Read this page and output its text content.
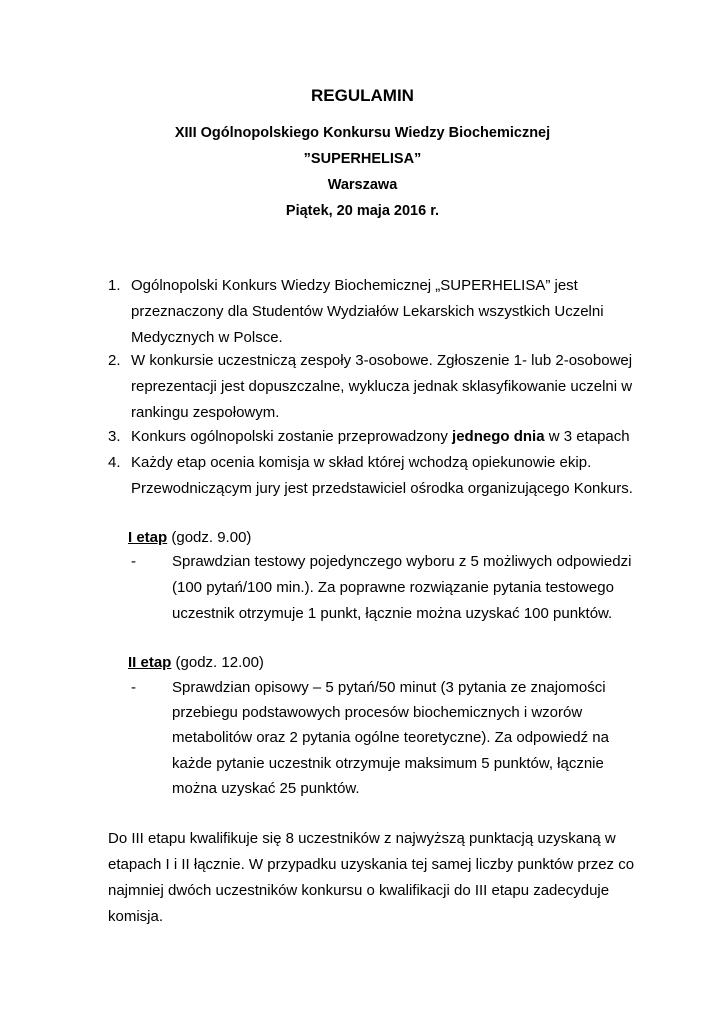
REGULAMIN
XIII Ogólnopolskiego Konkursu Wiedzy Biochemicznej
”SUPERHELISA”
Warszawa
Piątek, 20 maja 2016 r.
1. Ogólnopolski Konkurs Wiedzy Biochemicznej „SUPERHELISA” jest
przeznaczony dla Studentów Wydziałów Lekarskich wszystkich Uczelni
Medycznych w Polsce.
2. W konkursie uczestniczą zespoły 3-osobowe. Zgłoszenie 1- lub 2-osobowej
reprezentacji jest dopuszczalne, wyklucza jednak sklasyfikowanie uczelni w
rankingu zespołowym.
3. Konkurs ogólnopolski zostanie przeprowadzony jednego dnia w 3 etapach
4. Każdy etap ocenia komisja w skład której wchodzą opiekunowie ekip.
Przewodniczącym jury jest przedstawiciel ośrodka organizującego Konkurs.
I etap (godz. 9.00)
- Sprawdzian testowy pojedynczego wyboru z 5 możliwych odpowiedzi
(100 pytań/100 min.). Za poprawne rozwiązanie pytania testowego
uczestnik otrzymuje 1 punkt, łącznie można uzyskać 100 punktów.
II etap (godz. 12.00)
- Sprawdzian opisowy – 5 pytań/50 minut (3 pytania ze znajomości
przebiegu podstawowych procesów biochemicznych i wzorów
metabolitów oraz 2 pytania ogólne teoretyczne). Za odpowiedź na
każde pytanie uczestnik otrzymuje maksimum 5 punktów, łącznie
można uzyskać 25 punktów.
Do III etapu kwalifikuje się 8 uczestników z najwyższą punktacją uzyskaną w
etapach I i II łącznie. W przypadku uzyskania tej samej liczby punktów przez co
najmniej dwóch uczestników konkursu o kwalifikacji do III etapu zadecyduje
komisja.
